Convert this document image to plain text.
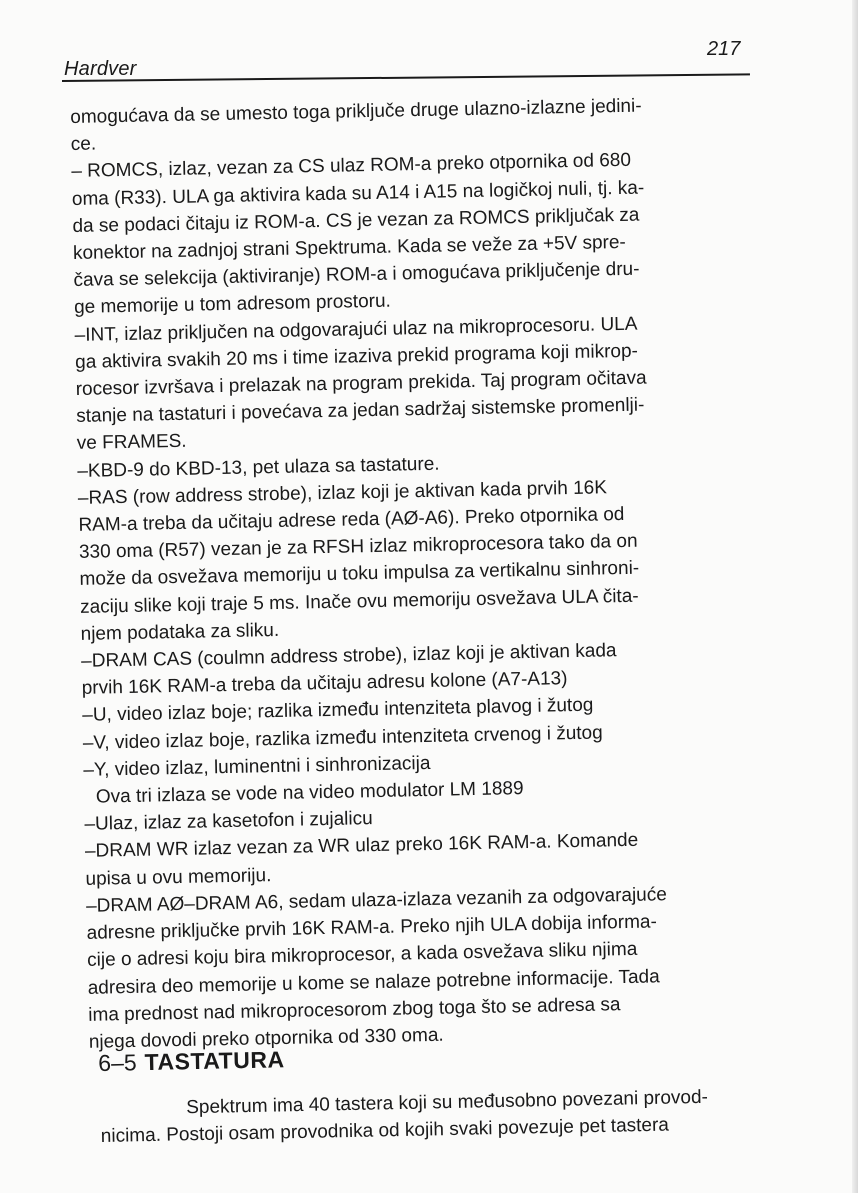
Hardver
217
omogućava da se umesto toga priključe druge ulazno-izlazne jedini-
ce.
– ROMCS, izlaz, vezan za CS ulaz ROM-a preko otpornika od 680
oma (R33). ULA ga aktivira kada su A14 i A15 na logičkoj nuli, tj. ka-
da se podaci čitaju iz ROM-a. CS je vezan za ROMCS priključak za
konektor na zadnjoj strani Spektruma. Kada se veže za +5V spre-
čava se selekcija (aktiviranje) ROM-a i omogućava priključenje dru-
ge memorije u tom adresom prostoru.
–INT, izlaz priključen na odgovarajući ulaz na mikroprocesoru. ULA
ga aktivira svakih 20 ms i time izaziva prekid programa koji mikrop-
rocesor izvršava i prelazak na program prekida. Taj program očitava
stanje na tastaturi i povećava za jedan sadržaj sistemske promenlji-
ve FRAMES.
–KBD-9 do KBD-13, pet ulaza sa tastature.
–RAS (row address strobe), izlaz koji je aktivan kada prvih 16K
RAM-a treba da učitaju adrese reda (AØ-A6). Preko otpornika od
330 oma (R57) vezan je za RFSH izlaz mikroprocesora tako da on
može da osvežava memoriju u toku impulsa za vertikalnu sinhroni-
zaciju slike koji traje 5 ms. Inače ovu memoriju osvežava ULA čita-
njem podataka za sliku.
–DRAM CAS (coulmn address strobe), izlaz koji je aktivan kada
prvih 16K RAM-a treba da učitaju adresu kolone (A7-A13)
–U, video izlaz boje; razlika između intenziteta plavog i žutog
–V, video izlaz boje, razlika između intenziteta crvenog i žutog
–Y, video izlaz, luminentni i sinhronizacija
Ova tri izlaza se vode na video modulator LM 1889
–Ulaz, izlaz za kasetofon i zujalicu
–DRAM WR izlaz vezan za WR ulaz preko 16K RAM-a. Komande
upisa u ovu memoriju.
–DRAM AØ–DRAM A6, sedam ulaza-izlaza vezanih za odgovarajuće
adresne priključke prvih 16K RAM-a. Preko njih ULA dobija informa-
cije o adresi koju bira mikroprocesor, a kada osvežava sliku njima
adresira deo memorije u kome se nalaze potrebne informacije. Tada
ima prednost nad mikroprocesorom zbog toga što se adresa sa
njega dovodi preko otpornika od 330 oma.
6–5 TASTATURA
Spektrum ima 40 tastera koji su međusobno povezani provod-
nicima. Postoji osam provodnika od kojih svaki povezuje pet tastera
